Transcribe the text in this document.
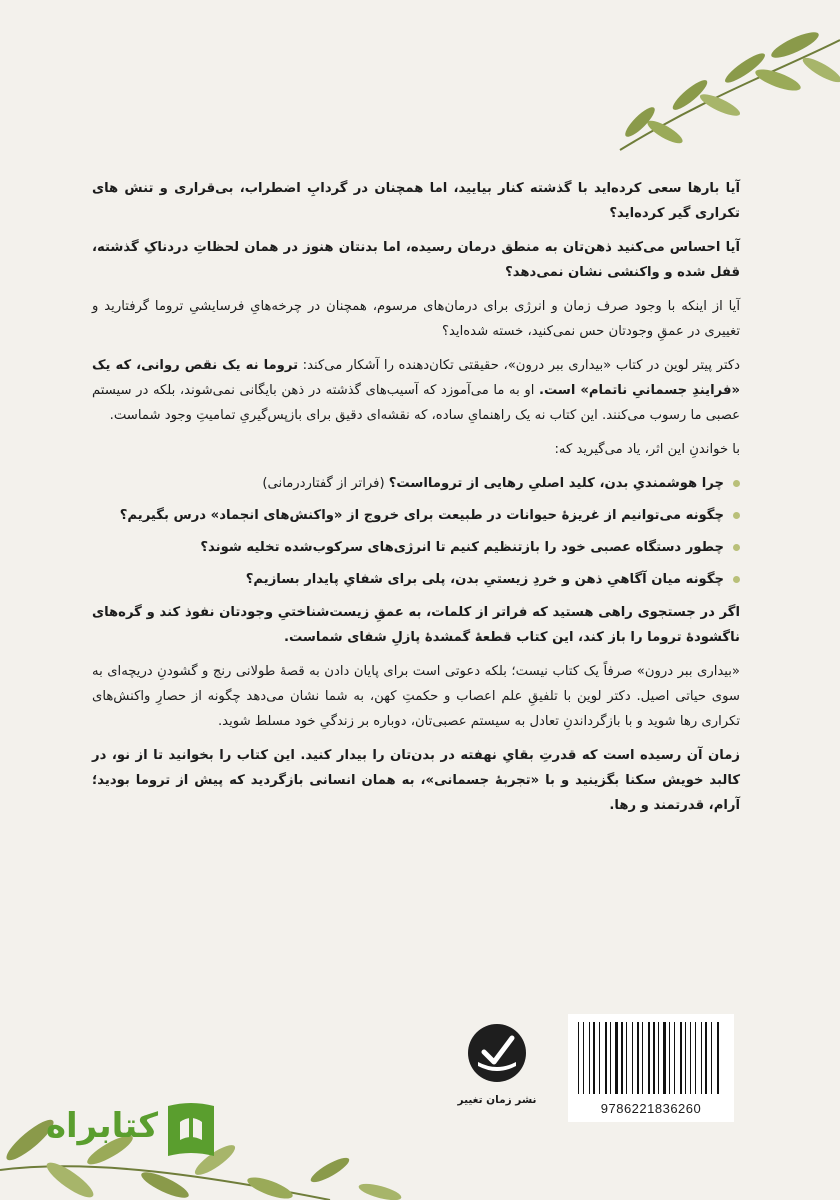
آیا بارها سعی کرده‌اید با گذشته کنار بیایید، اما همچنان در گردابِ اضطراب، بی‌قراری و تنش های تکراری گیر کرده‌اید؟

آیا احساس می‌کنید ذهن‌تان به منطق درمان رسیده، اما بدنتان هنوز در همان لحظاتِ دردناکِ گذشته، قفل شده و واکنشی نشان نمی‌دهد؟

آیا از اینکه با وجود صرف زمان و انرژی برای درمان‌های مرسوم، همچنان در چرخه‌هایِ فرسایشیِ تروما گرفتارید و تغییری در عمقِ وجودتان حس نمی‌کنید، خسته شده‌اید؟

دکتر پیتر لوین در کتاب «بیداری ببر درون»، حقیقتی تکان‌دهنده را آشکار می‌کند: تروما نه یک نقص روانی، که یک «فرایندِ جسمانیِ ناتمام» است. او به ما می‌آموزد که آسیب‌های گذشته در ذهن بایگانی نمی‌شوند، بلکه در سیستم عصبی ما رسوب می‌کنند. این کتاب نه یک راهنمایِ ساده، که نقشه‌ای دقیق برای بازپس‌گیریِ تمامیتِ وجود شماست.

با خواندنِ این اثر، یاد می‌گیرید که:

چرا هوشمندیِ بدن، کلید اصلیِ رهایی از ترومااست؟ (فراتر از گفتاردرمانی)
چگونه می‌توانیم از غریزهٔ حیوانات در طبیعت برای خروج از «واکنش‌های انجماد» درس بگیریم؟
چطور دستگاه عصبی خود را بازتنظیم کنیم تا انرژی‌های سرکوب‌شده تخلیه شوند؟
چگونه میان آگاهیِ ذهن و خردِ زیستیِ بدن، پلی برای شفایِ پایدار بسازیم؟

اگر در جستجوی راهی هستید که فراتر از کلمات، به عمقِ زیست‌شناختیِ وجودتان نفوذ کند و گره‌های ناگشودهٔ تروما را باز کند، این کتاب قطعهٔ گمشدهٔ پازلِ شفای شماست.

«بیداری ببر درون» صرفاً یک کتاب نیست؛ بلکه دعوتی است برای پایان دادن به قصهٔ طولانی رنج و گشودنِ دریچه‌ای به سوی حیاتی اصیل. دکتر لوین با تلفیقِ علم اعصاب و حکمتِ کهن، به شما نشان می‌دهد چگونه از حصارِ واکنش‌های تکراری رها شوید و با بازگرداندنِ تعادل به سیستم عصبی‌تان، دوباره بر زندگیِ خود مسلط شوید.

زمان آن رسیده است که قدرتِ بقایِ نهفته در بدن‌تان را بیدار کنید. این کتاب را بخوانید تا از نو، در کالبد خویش سکنا بگزینید و با «تجربهٔ جسمانی»، به همان انسانی بازگردید که پیش از تروما بودید؛ آرام، قدرتمند و رها.

نشر زمان تغییر
9786221836260
کتابراه
